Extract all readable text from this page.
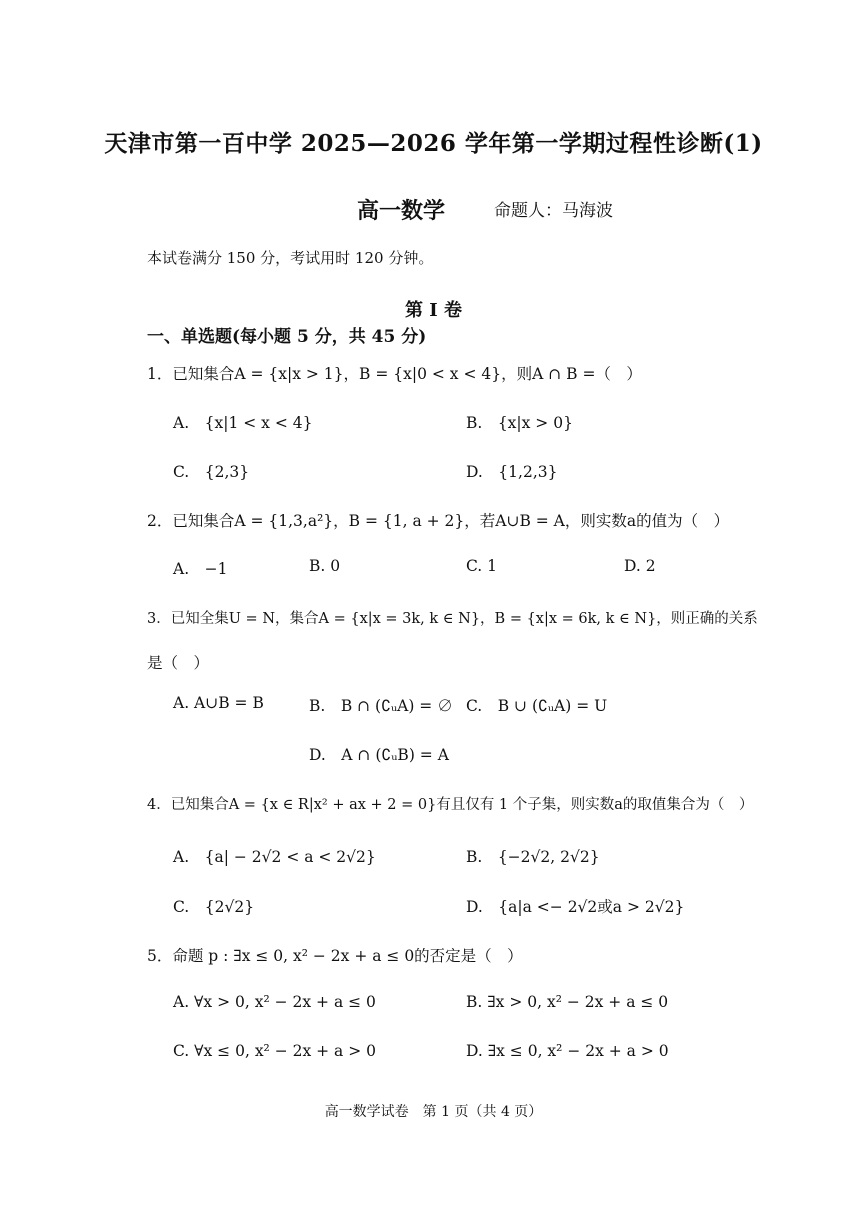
天津市第一百中学 2025—2026 学年第一学期过程性诊断(1)
高一数学	命题人：马海波
本试卷满分 150 分，考试用时 120 分钟。
第 I 卷
一、单选题(每小题 5 分，共 45 分)
1．已知集合A = {x|x > 1}，B = {x|0 < x < 4}，则A ∩ B =（　）
A.　{x|1 < x < 4}	B.　{x|x > 0}
C.　{2,3}	D.　{1,2,3}
2．已知集合A = {1,3,a²}，B = {1, a + 2}，若A∪B = A，则实数a的值为（　）
A.　−1	B. 0	C. 1	D. 2
3．已知全集U = N，集合A = {x|x = 3k, k ∈ N}，B = {x|x = 6k, k ∈ N}，则正确的关系
是（　）
A. A∪B = B	B.　B ∩ (∁ᵤA) = ∅ C.　B ∪ (∁ᵤA) = U
D.　A ∩ (∁ᵤB) = A
4．已知集合A = {x ∈ R|x² + ax + 2 = 0}有且仅有 1 个子集，则实数a的取值集合为（　）
A.　{a| − 2√2 < a < 2√2}	B.　{−2√2, 2√2}
C.　{2√2}	D.　{a|a <− 2√2或a > 2√2}
5．命题 p : ∃x ≤ 0, x² − 2x + a ≤ 0的否定是（　）
A. ∀x > 0, x² − 2x + a ≤ 0	B. ∃x > 0, x² − 2x + a ≤ 0
C. ∀x ≤ 0, x² − 2x + a > 0	D. ∃x ≤ 0, x² − 2x + a > 0
高一数学试卷　第 1 页（共 4 页）
